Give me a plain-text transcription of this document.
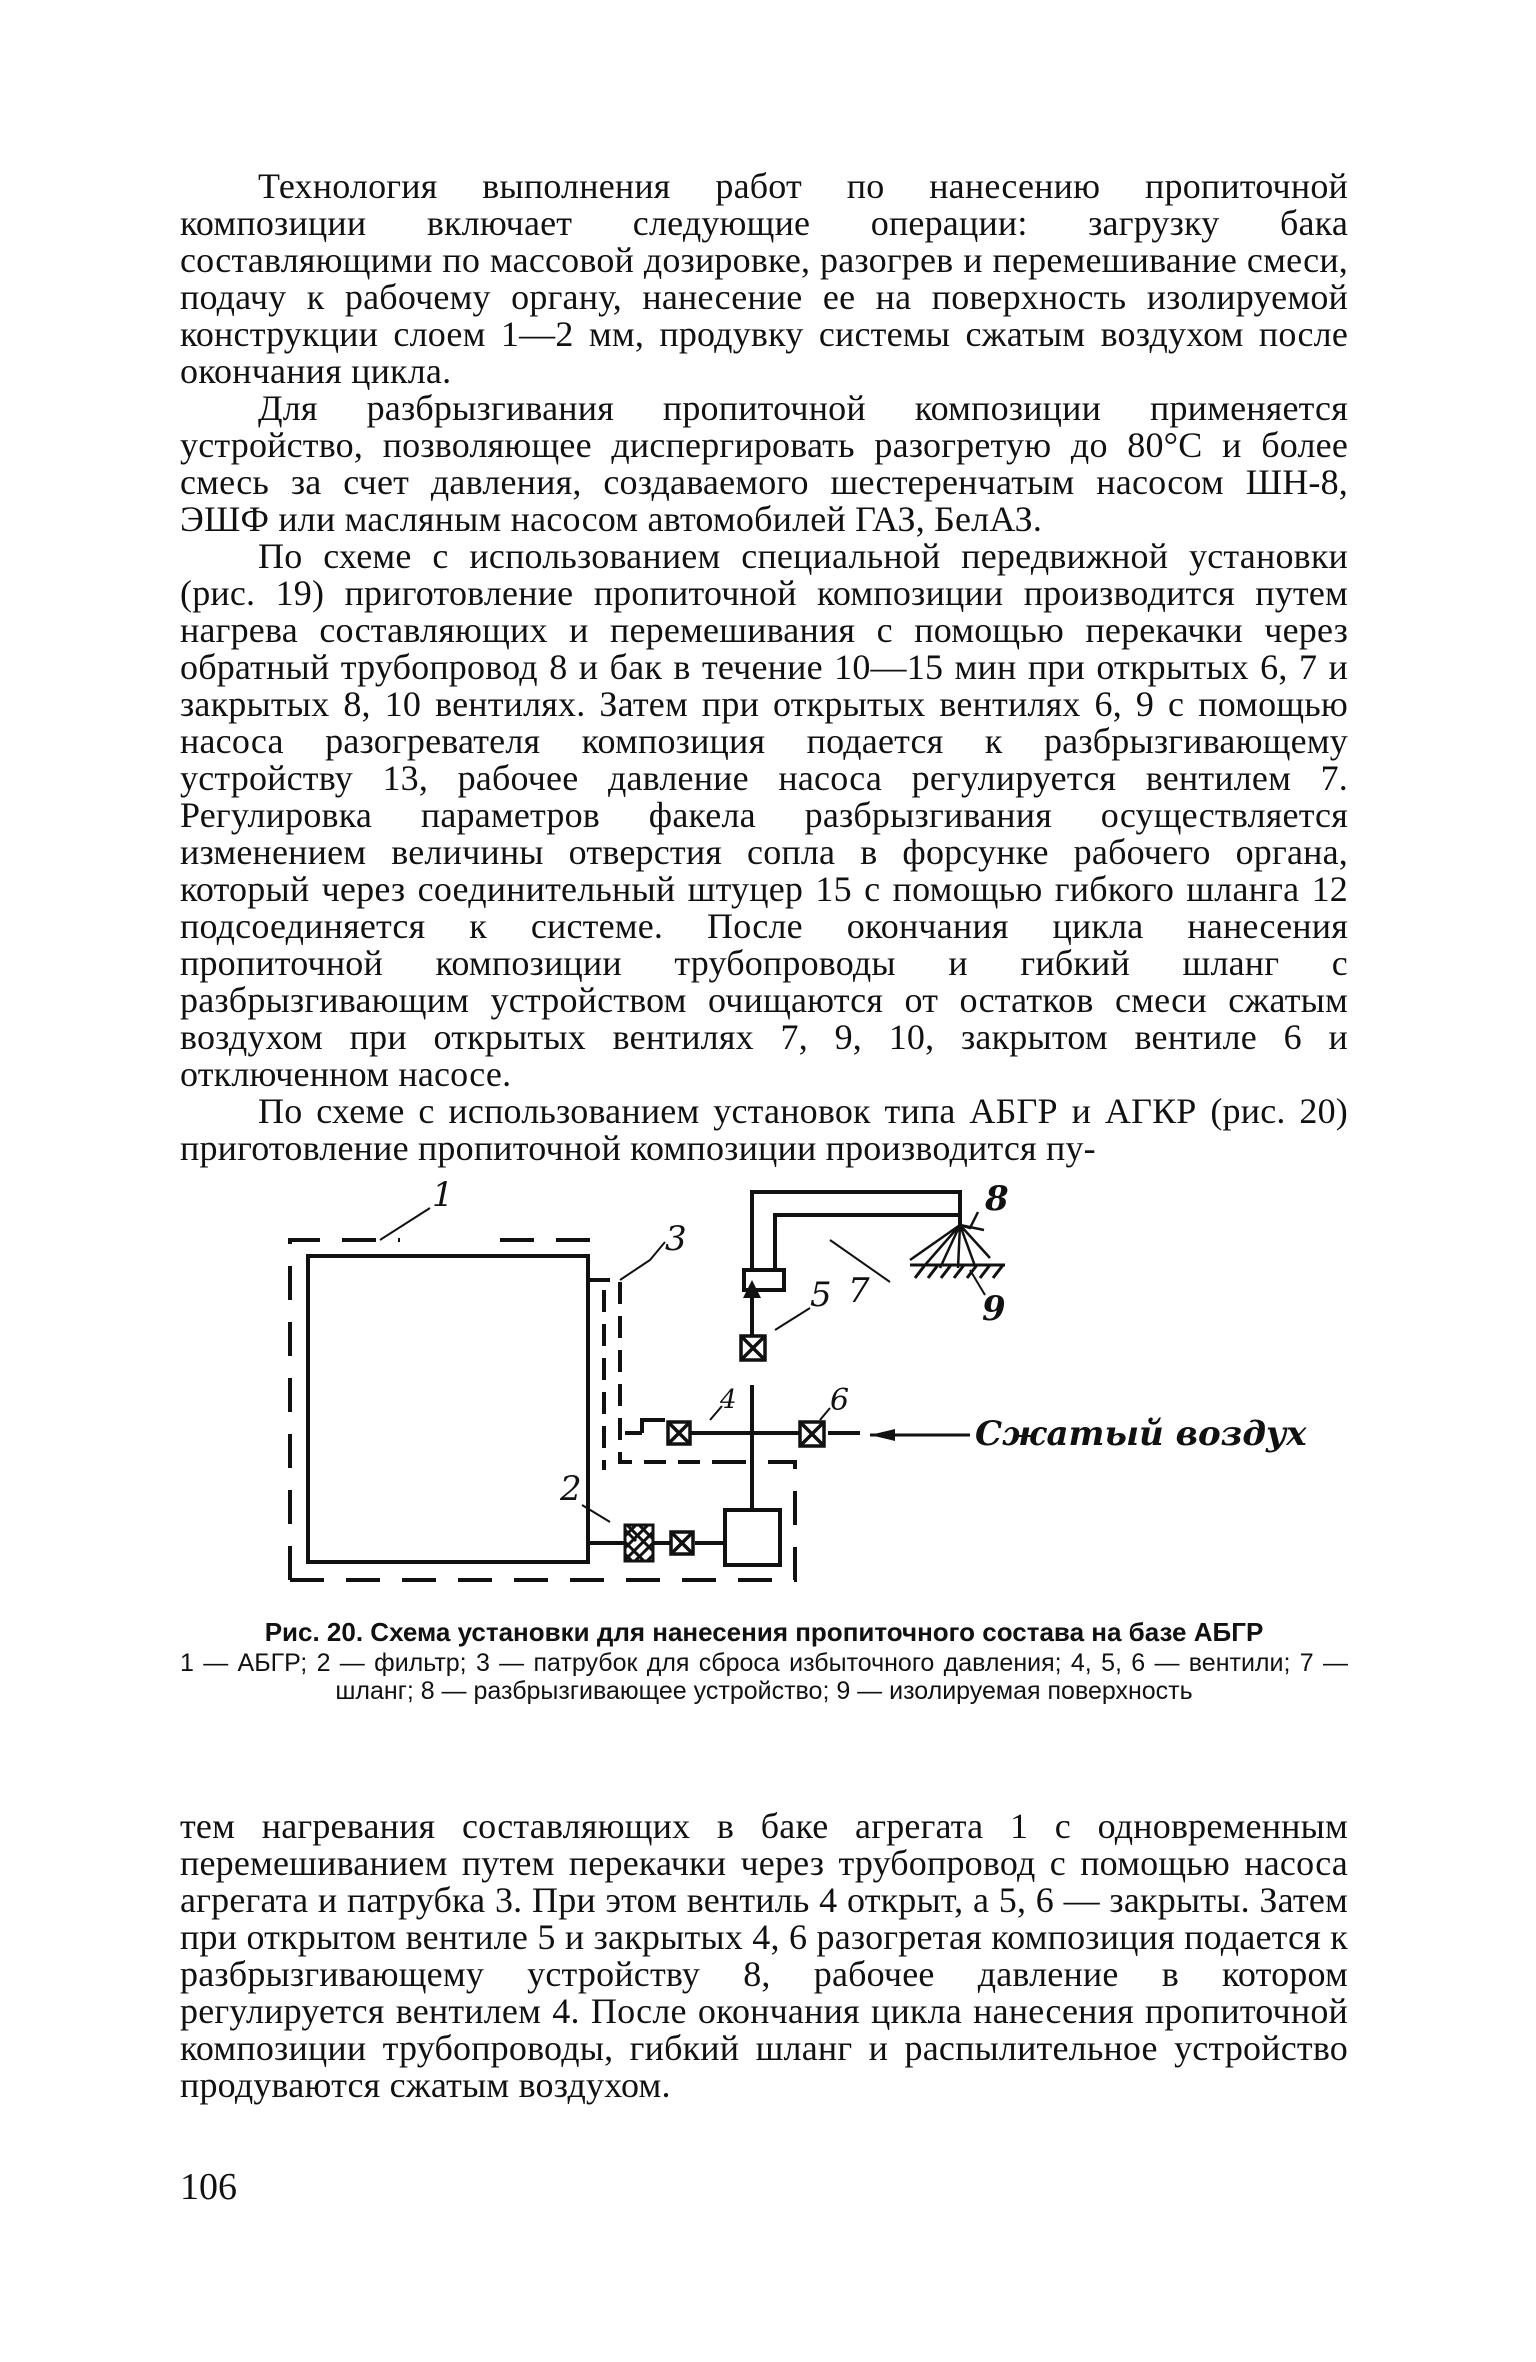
Технология выполнения работ по нанесению пропиточной композиции включает следующие операции: загрузку бака составляющими по массовой дозировке, разогрев и перемешивание смеси, подачу к рабочему органу, нанесение ее на поверхность изолируемой конструкции слоем 1—2 мм, продувку системы сжатым воздухом после окончания цикла.

Для разбрызгивания пропиточной композиции применяется устройство, позволяющее диспергировать разогретую до 80°С и более смесь за счет давления, создаваемого шестеренчатым насосом ШН-8, ЭШФ или масляным насосом автомобилей ГАЗ, БелАЗ.

По схеме с использованием специальной передвижной установки (рис. 19) приготовление пропиточной композиции производится путем нагрева составляющих и перемешивания с помощью перекачки через обратный трубопровод 8 и бак в течение 10—15 мин при открытых 6, 7 и закрытых 8, 10 вентилях. Затем при открытых вентилях 6, 9 с помощью насоса разогревателя композиция подается к разбрызгивающему устройству 13, рабочее давление насоса регулируется вентилем 7. Регулировка параметров факела разбрызгивания осуществляется изменением величины отверстия сопла в форсунке рабочего органа, который через соединительный штуцер 15 с помощью гибкого шланга 12 подсоединяется к системе. После окончания цикла нанесения пропиточной композиции трубопроводы и гибкий шланг с разбрызгивающим устройством очищаются от остатков смеси сжатым воздухом при открытых вентилях 7, 9, 10, закрытом вентиле 6 и отключенном насосе.

По схеме с использованием установок типа АБГР и АГКР (рис. 20) приготовление пропиточной композиции производится пу-

1
2
3
4
5
6
7
8
9
Сжатый воздух
Рис. 20. Схема установки для нанесения пропиточного состава на базе АБГР
1 — АБГР; 2 — фильтр; 3 — патрубок для сброса избыточного давления; 4, 5, 6 — вентили; 7 — шланг; 8 — разбрызгивающее устройство; 9 — изолируемая поверхность

тем нагревания составляющих в баке агрегата 1 с одновременным перемешиванием путем перекачки через трубопровод с помощью насоса агрегата и патрубка 3. При этом вентиль 4 открыт, а 5, 6 — закрыты. Затем при открытом вентиле 5 и закрытых 4, 6 разогретая композиция подается к разбрызгивающему устройству 8, рабочее давление в котором регулируется вентилем 4. После окончания цикла нанесения пропиточной композиции трубопроводы, гибкий шланг и распылительное устройство продуваются сжатым воздухом.

106
